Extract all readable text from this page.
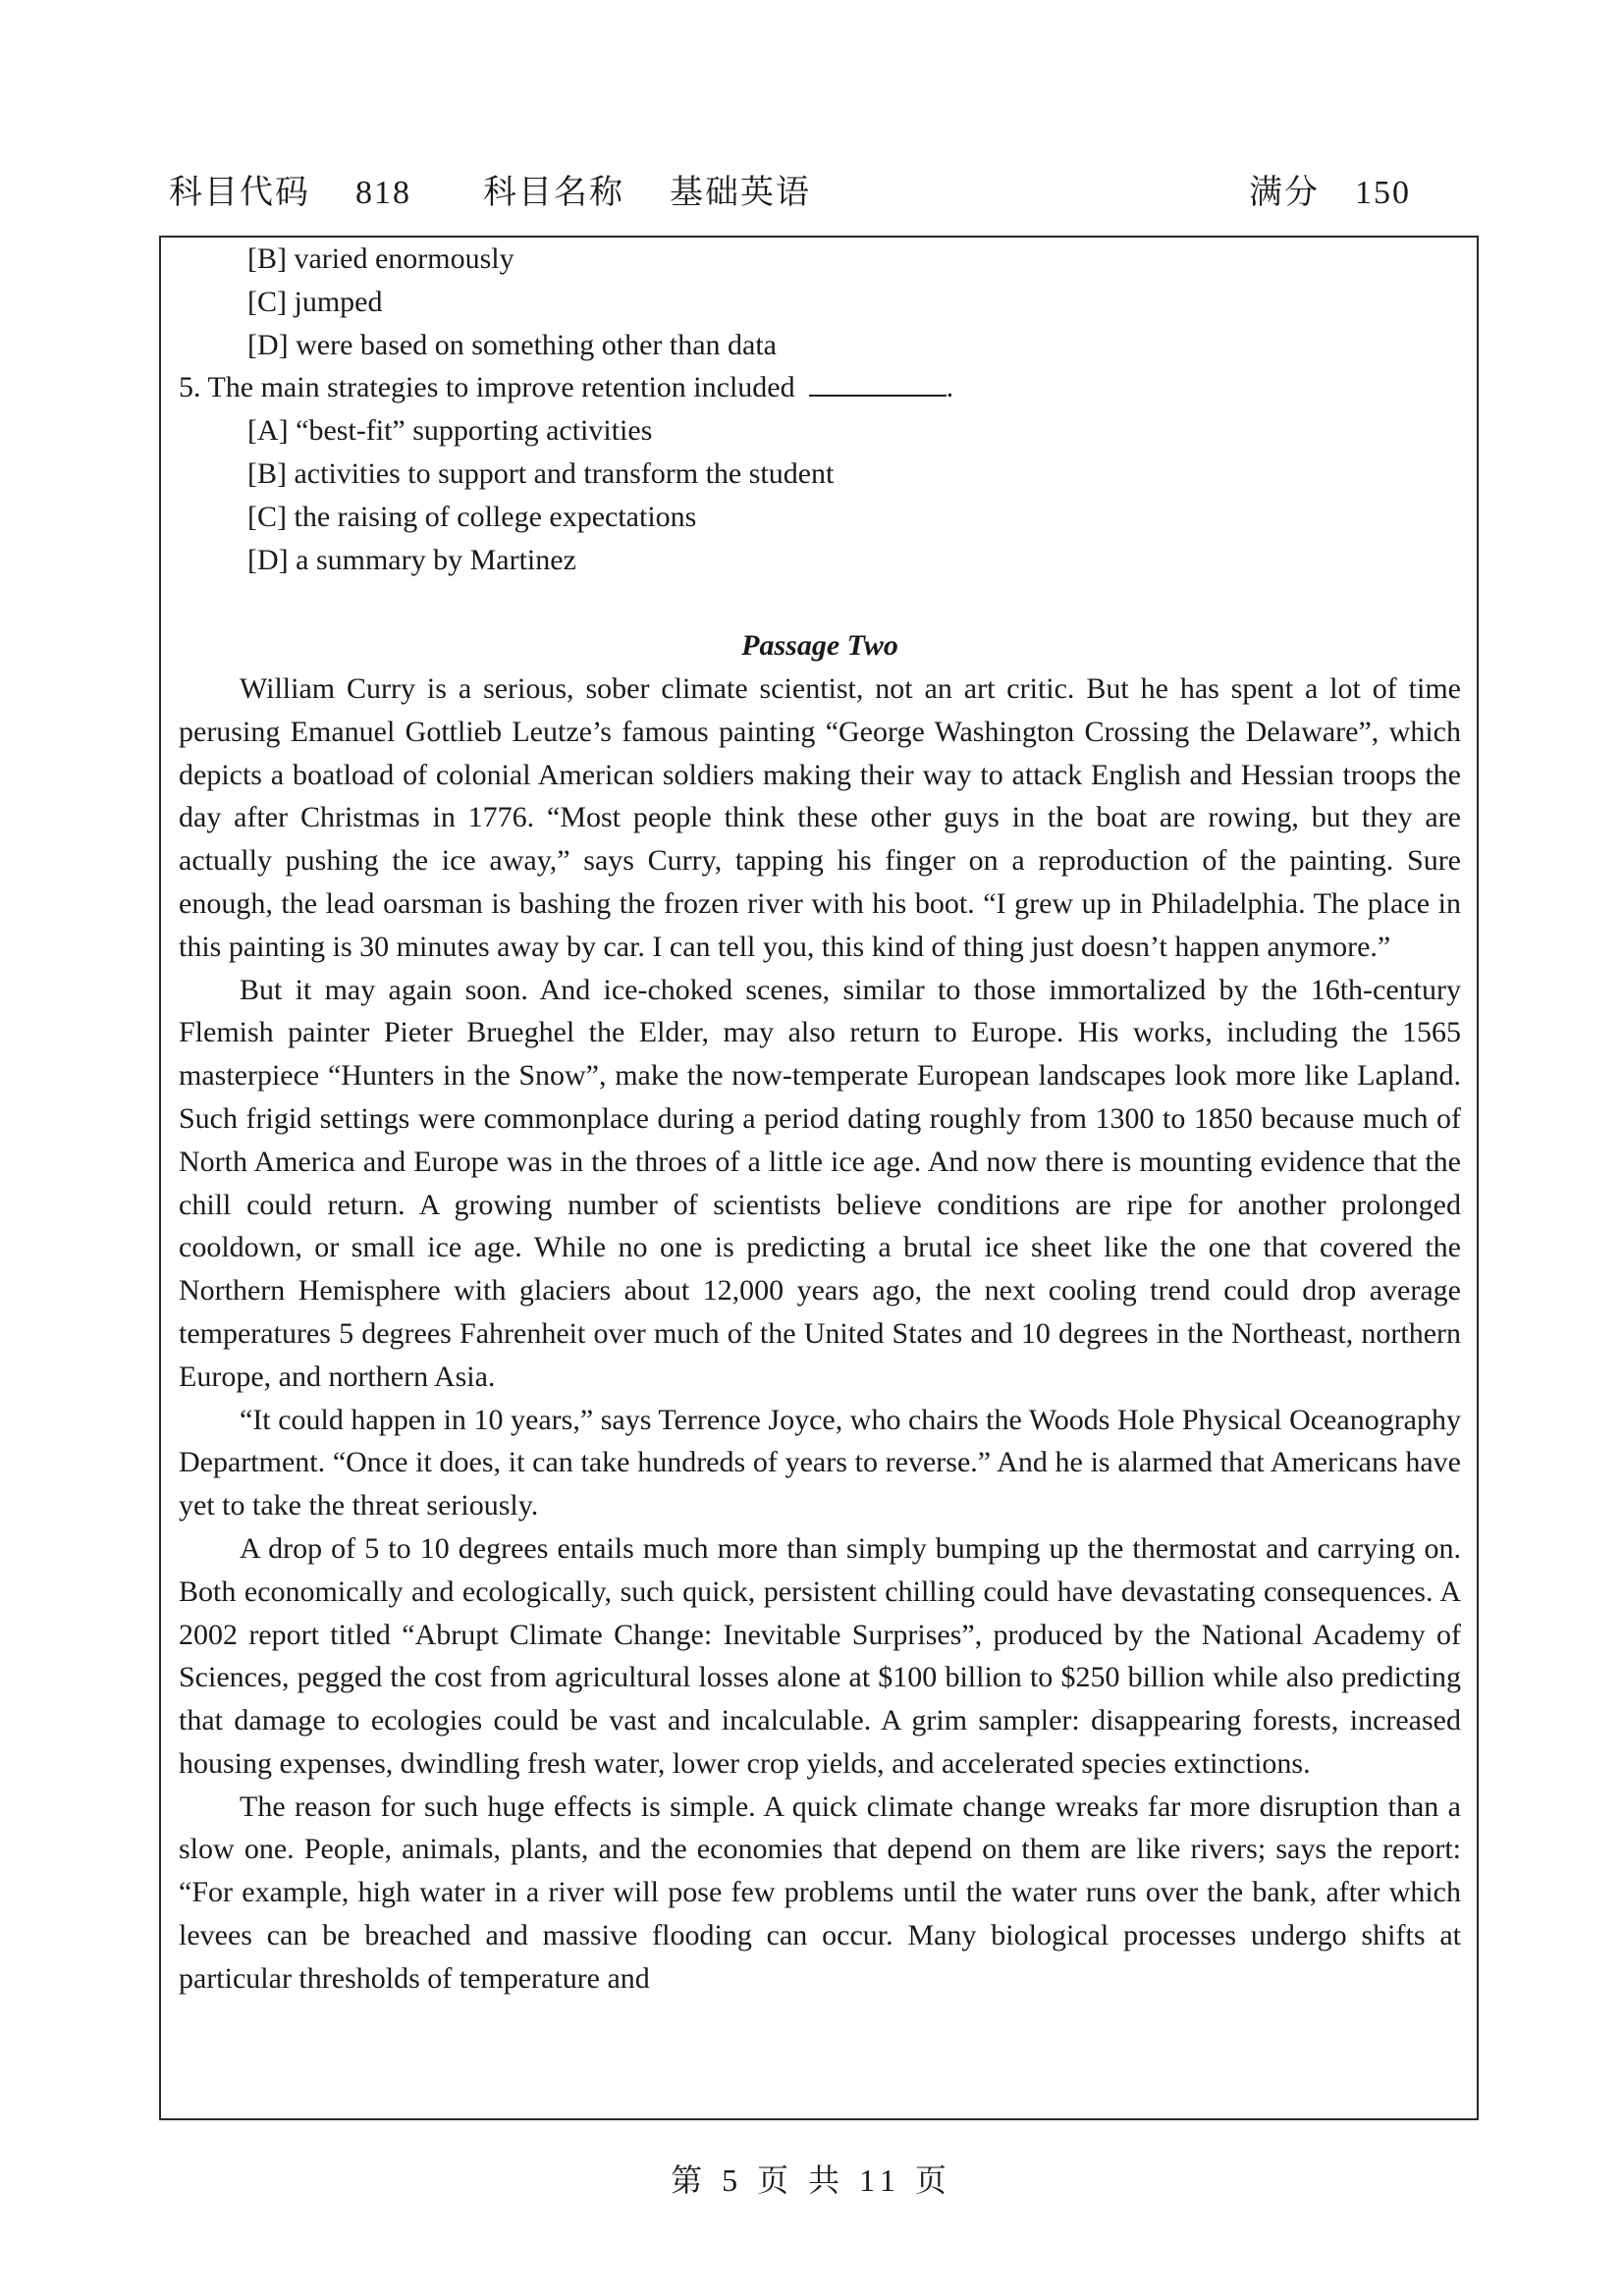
科目代码 818 科目名称 基础英语	满分 150
[B] varied enormously
[C] jumped
[D] were based on something other than data
5. The main strategies to improve retention included	.
[A] “best-fit” supporting activities
[B] activities to support and transform the student
[C] the raising of college expectations
[D] a summary by Martinez
Passage Two

William Curry is a serious, sober climate scientist, not an art critic. But he has spent a lot of time perusing Emanuel Gottlieb Leutze’s famous painting “George Washington Crossing the Delaware”, which depicts a boatload of colonial American soldiers making their way to attack English and Hessian troops the day after Christmas in 1776. “Most people think these other guys in the boat are rowing, but they are actually pushing the ice away,” says Curry, tapping his finger on a reproduction of the painting. Sure enough, the lead oarsman is bashing the frozen river with his boot. “I grew up in Philadelphia. The place in this painting is 30 minutes away by car. I can tell you, this kind of thing just doesn’t happen anymore.”

But it may again soon. And ice-choked scenes, similar to those immortalized by the 16th-century Flemish painter Pieter Brueghel the Elder, may also return to Europe. His works, including the 1565 masterpiece “Hunters in the Snow”, make the now-temperate European landscapes look more like Lapland. Such frigid settings were commonplace during a period dating roughly from 1300 to 1850 because much of North America and Europe was in the throes of a little ice age. And now there is mounting evidence that the chill could return. A growing number of scientists believe conditions are ripe for another prolonged cooldown, or small ice age. While no one is predicting a brutal ice sheet like the one that covered the Northern Hemisphere with glaciers about 12,000 years ago, the next cooling trend could drop average temperatures 5 degrees Fahrenheit over much of the United States and 10 degrees in the Northeast, northern Europe, and northern Asia.

“It could happen in 10 years,” says Terrence Joyce, who chairs the Woods Hole Physical Oceanography Department. “Once it does, it can take hundreds of years to reverse.” And he is alarmed that Americans have yet to take the threat seriously.

A drop of 5 to 10 degrees entails much more than simply bumping up the thermostat and carrying on. Both economically and ecologically, such quick, persistent chilling could have devastating consequences. A 2002 report titled “Abrupt Climate Change: Inevitable Surprises”, produced by the National Academy of Sciences, pegged the cost from agricultural losses alone at $100 billion to $250 billion while also predicting that damage to ecologies could be vast and incalculable. A grim sampler: disappearing forests, increased housing expenses, dwindling fresh water, lower crop yields, and accelerated species extinctions.

The reason for such huge effects is simple. A quick climate change wreaks far more disruption than a slow one. People, animals, plants, and the economies that depend on them are like rivers; says the report: “For example, high water in a river will pose few problems until the water runs over the bank, after which levees can be breached and massive flooding can occur. Many biological processes undergo shifts at particular thresholds of temperature and

第 5 页 共 11 页
